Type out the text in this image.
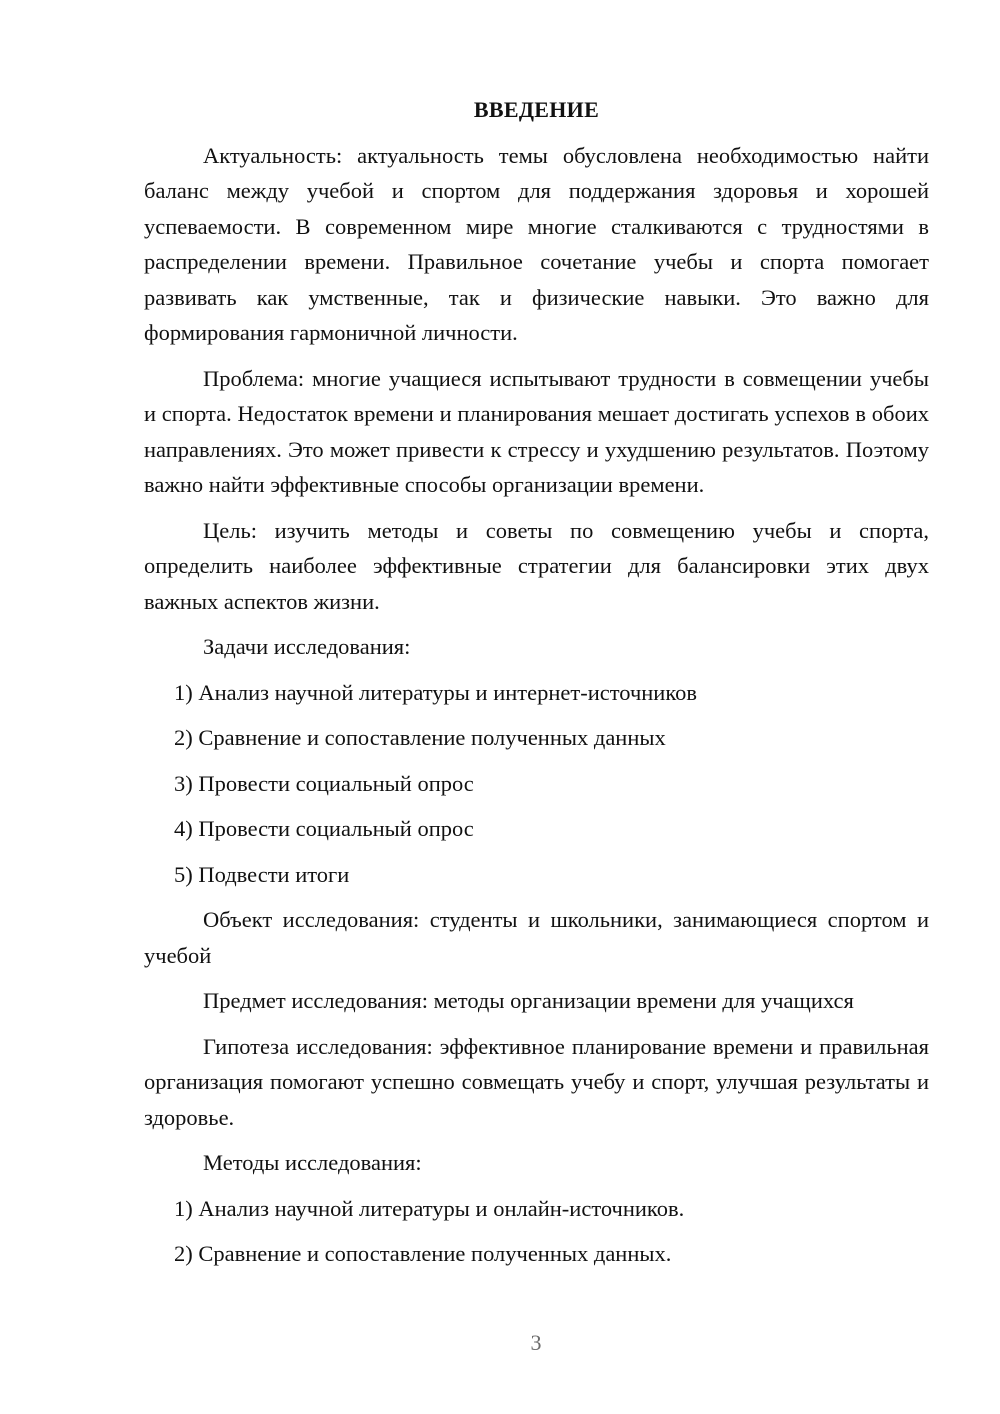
ВВЕДЕНИЕ
Актуальность: актуальность темы обусловлена необходимостью найти баланс между учебой и спортом для поддержания здоровья и хорошей успеваемости. В современном мире многие сталкиваются с трудностями в распределении времени. Правильное сочетание учебы и спорта помогает развивать как умственные, так и физические навыки. Это важно для формирования гармоничной личности.
Проблема: многие учащиеся испытывают трудности в совмещении учебы и спорта. Недостаток времени и планирования мешает достигать успехов в обоих направлениях. Это может привести к стрессу и ухудшению результатов. Поэтому важно найти эффективные способы организации времени.
Цель: изучить методы и советы по совмещению учебы и спорта, определить наиболее эффективные стратегии для балансировки этих двух важных аспектов жизни.
Задачи исследования:
1) Анализ научной литературы и интернет-источников
2) Сравнение и сопоставление полученных данных
3) Провести социальный опрос
4) Провести социальный опрос
5) Подвести итоги
Объект исследования: студенты и школьники, занимающиеся спортом и учебой
Предмет исследования: методы организации времени для учащихся
Гипотеза исследования: эффективное планирование времени и правильная организация помогают успешно совмещать учебу и спорт, улучшая результаты и здоровье.
Методы исследования:
1) Анализ научной литературы и онлайн-источников.
2) Сравнение и сопоставление полученных данных.
3
